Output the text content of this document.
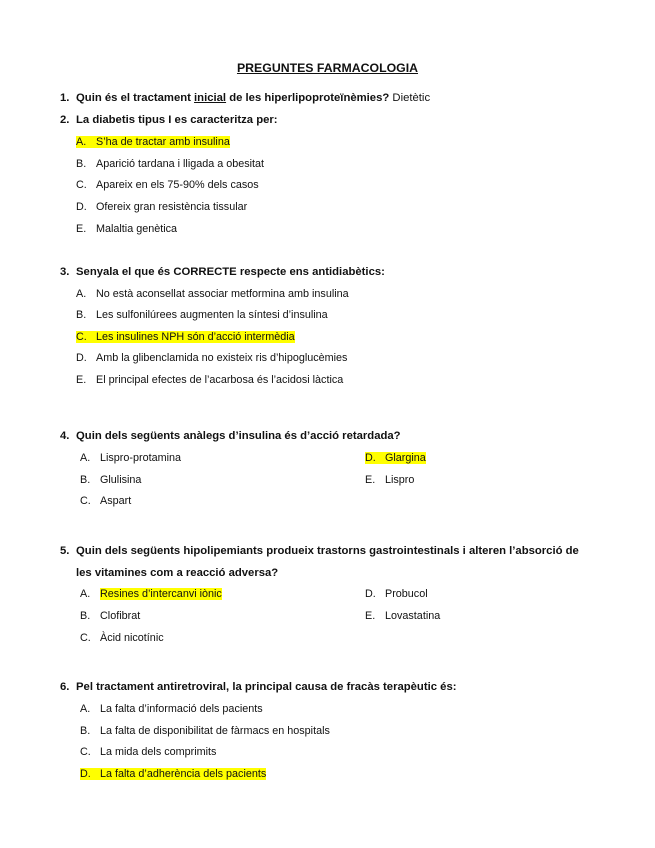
PREGUNTES FARMACOLOGIA

1. Quin és el tractament inicial de les hiperlipoproteïnèmies? Dietètic

2. La diabetis tipus I es caracteritza per:

A. S’ha de tractar amb insulina
B. Aparició tardana i lligada a obesitat
C. Apareix en els 75-90% dels casos
D. Ofereix gran resistència tissular
E. Malaltia genètica

3. Senyala el que és CORRECTE respecte ens antidiabètics:

A. No està aconsellat associar metformina amb insulina
B. Les sulfonilúrees augmenten la síntesi d’insulina
C. Les insulines NPH són d’acció intermèdia
D. Amb la glibenclamida no existeix ris d’hipoglucèmies
E. El principal efectes de l’acarbosa és l’acidosi làctica

4. Quin dels següents anàlegs d’insulina és d’acció retardada?

A. Lispro-protamina
B. Glulisina
C. Aspart
D. Glargina
E. Lispro

5. Quin dels següents hipolipemiants produeix trastorns gastrointestinals i alteren l’absorció de
les vitamines com a reacció adversa?

A. Resines d’intercanvi iònic
B. Clofibrat
C. Àcid nicotínic
D. Probucol
E. Lovastatina

6. Pel tractament antiretroviral, la principal causa de fracàs terapèutic és:

A. La falta d’informació dels pacients
B. La falta de disponibilitat de fàrmacs en hospitals
C. La mida dels comprimits
D. La falta d’adherència dels pacients
